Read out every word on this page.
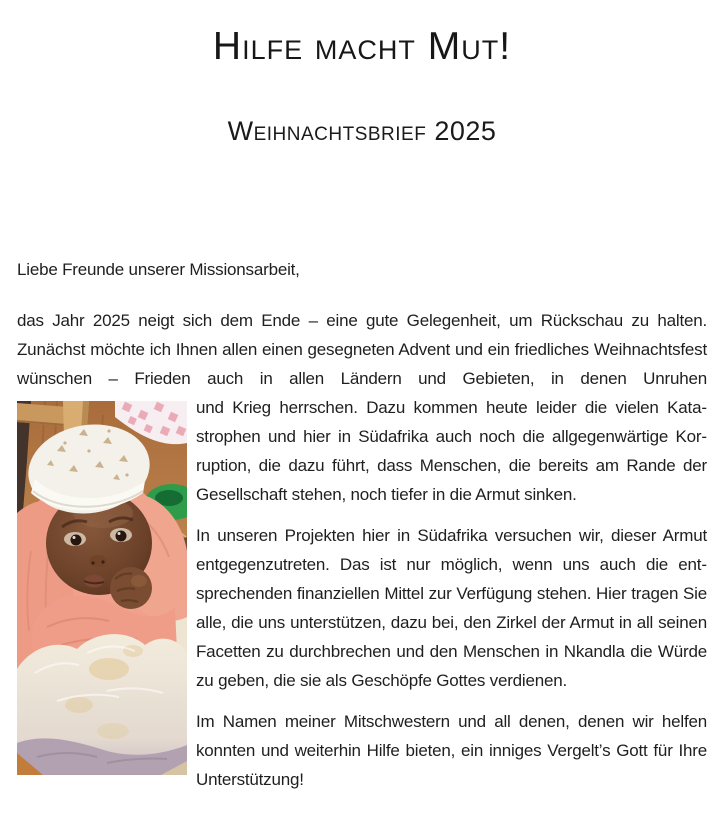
Hilfe macht Mut!
Weihnachtsbrief 2025

Liebe Freunde unserer Missionsarbeit,

das Jahr 2025 neigt sich dem Ende – eine gute Gelegenheit, um Rückschau zu halten. Zunächst möchte ich Ihnen allen einen gesegneten Advent und ein friedliches Weihnachtsfest wünschen – Frieden auch in allen Ländern und Gebieten, in denen Unruhen

und Krieg herrschen. Dazu kommen heute leider die vielen Katastrophen und hier in Südafrika auch noch die allgegenwärtige Korruption, die dazu führt, dass Menschen, die bereits am Rande der Gesellschaft stehen, noch tiefer in die Armut sinken.

In unseren Projekten hier in Südafrika versuchen wir, dieser Armut entgegenzutreten. Das ist nur möglich, wenn uns auch die entsprechenden finanziellen Mittel zur Verfügung stehen. Hier tragen Sie alle, die uns unterstützen, dazu bei, den Zirkel der Armut in all seinen Facetten zu durchbrechen und den Menschen in Nkandla die Würde zu geben, die sie als Geschöpfe Gottes verdienen.

Im Namen meiner Mitschwestern und all denen, denen wir helfen konnten und weiterhin Hilfe bieten, ein inniges Vergelt’s Gott für Ihre Unterstützung!
